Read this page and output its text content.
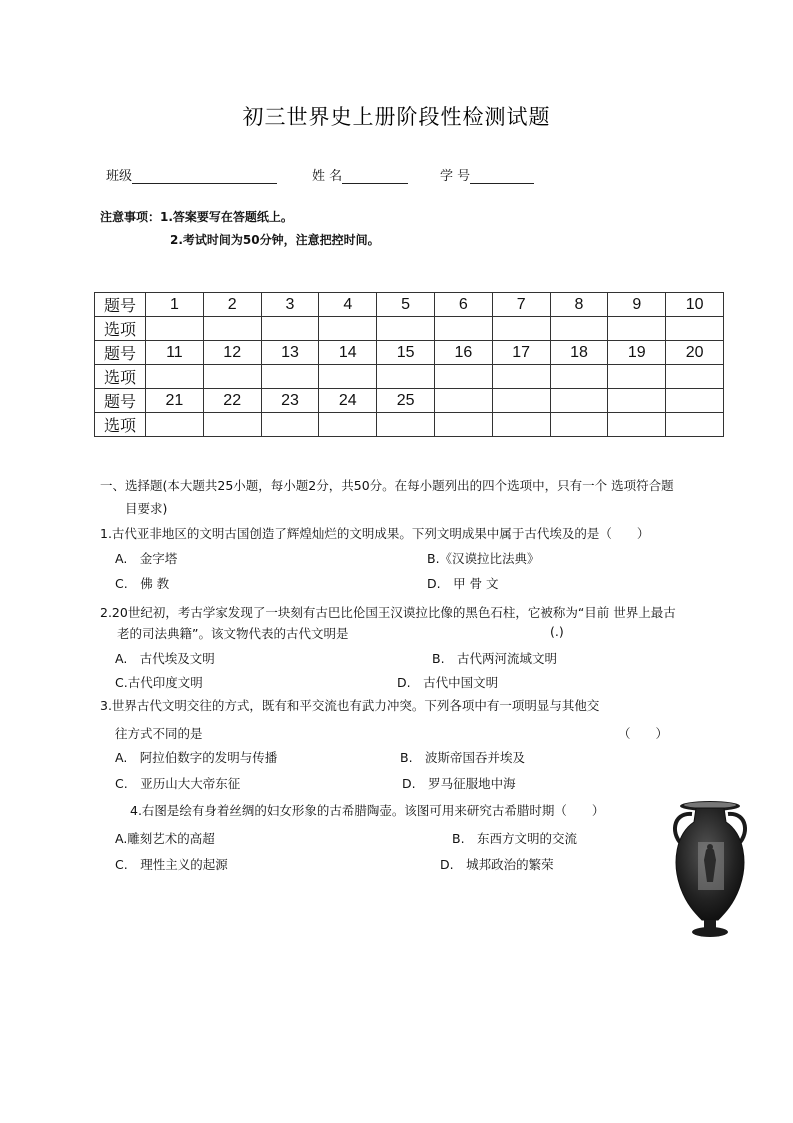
初三世界史上册阶段性检测试题
班级	姓 名	学 号
注意事项：1.答案要写在答题纸上。
2.考试时间为50分钟，注意把控时间。
题号	1	2	3	4	5	6	7	8	9	10
选项										
题号	11	12	13	14	15	16	17	18	19	20
选项										
题号	21	22	23	24	25					
选项										
一、选择题(本大题共25小题，每小题2分，共50分。在每小题列出的四个选项中，只有一个 选项符合题
目要求)
1.古代亚非地区的文明古国创造了辉煌灿烂的文明成果。下列文明成果中属于古代埃及的是（　　）
A.　金字塔	B.《汉谟拉比法典》
C.　佛 教	D.　甲 骨 文
2.20世纪初，考古学家发现了一块刻有古巴比伦国王汉谟拉比像的黑色石柱，它被称为“目前 世界上最古
老的司法典籍”。该文物代表的古代文明是	(.)
A.　古代埃及文明	B.　古代两河流域文明
C.古代印度文明	D.　古代中国文明
3.世界古代文明交往的方式，既有和平交流也有武力冲突。下列各项中有一项明显与其他交
往方式不同的是	（　　）
A.　阿拉伯数字的发明与传播	B.　波斯帝国吞并埃及
C.　亚历山大大帝东征	D.　罗马征服地中海
4.右图是绘有身着丝绸的妇女形象的古希腊陶壶。该图可用来研究古希腊时期（　　）
A.雕刻艺术的高超	B.　东西方文明的交流
C.　理性主义的起源	D.　城邦政治的繁荣
